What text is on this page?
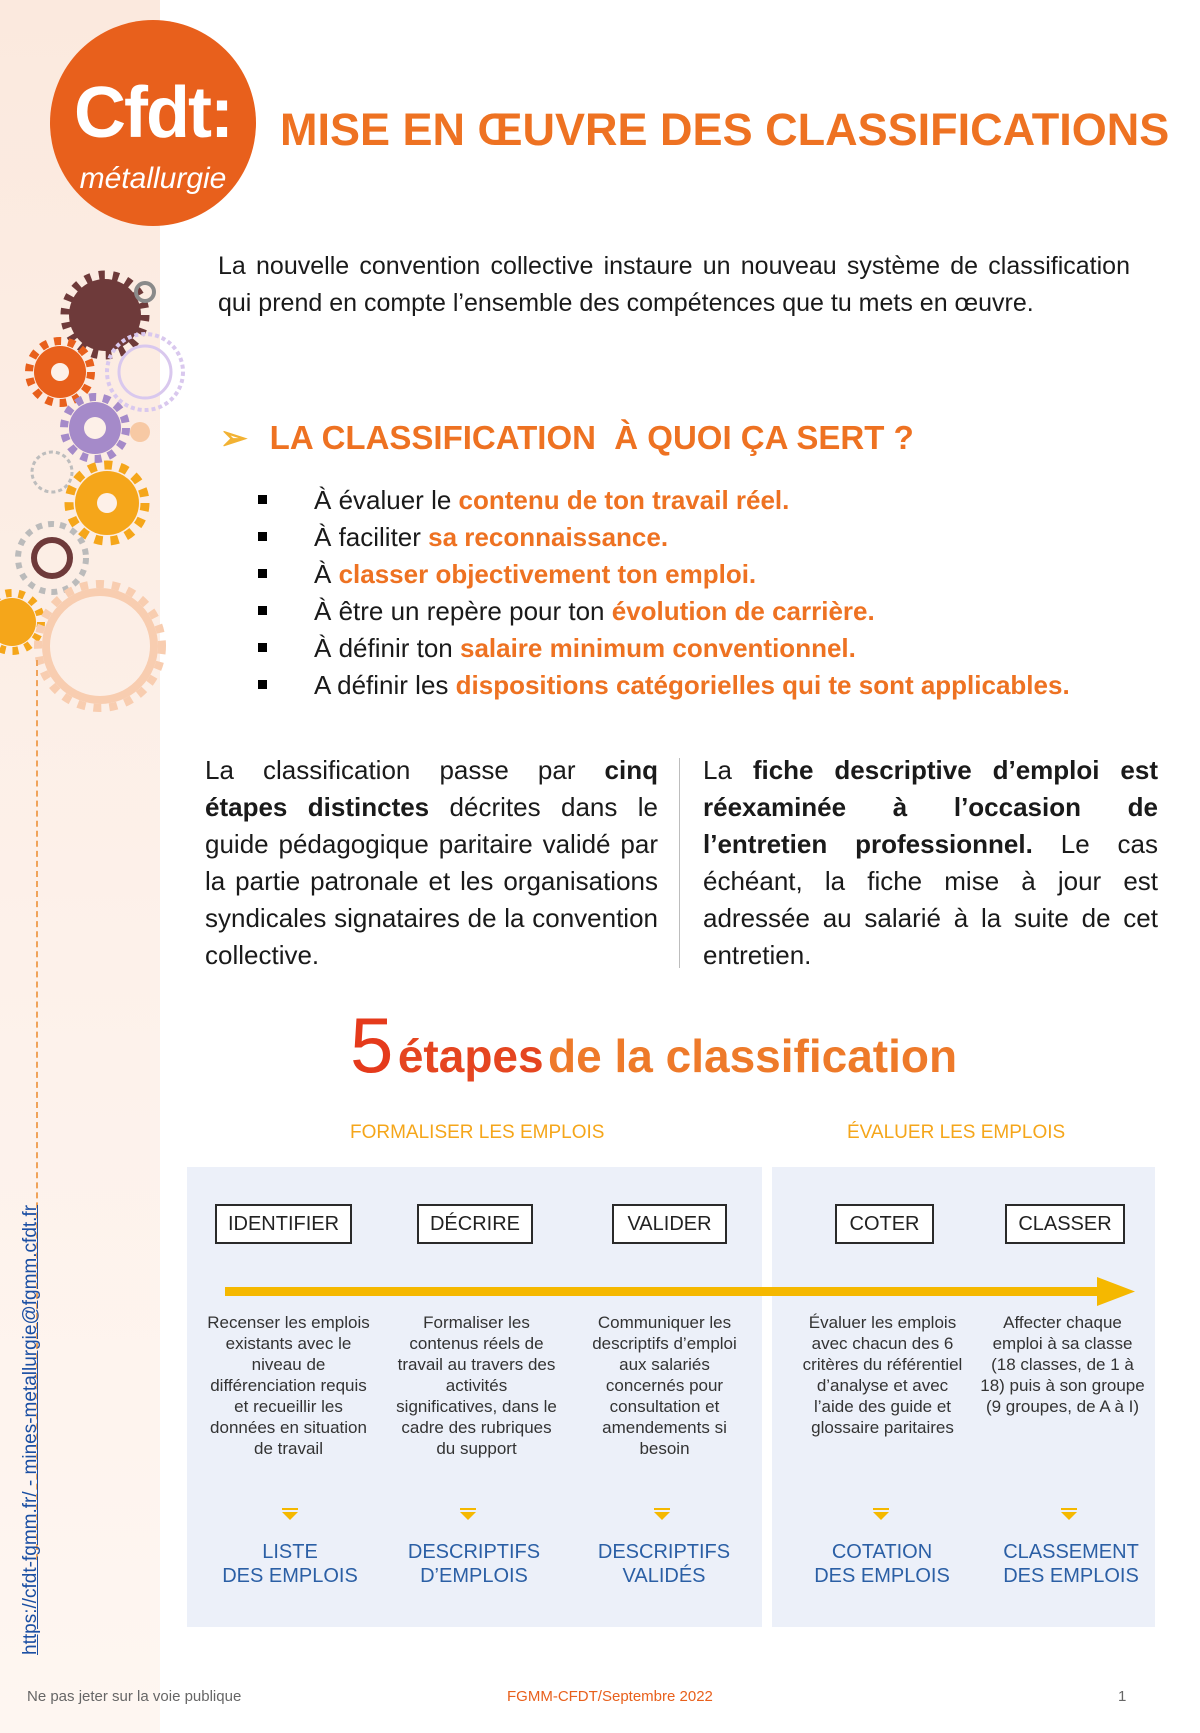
Cfdt:
métallurgie
MISE EN ŒUVRE DES CLASSIFICATIONS
La nouvelle convention collective instaure un nouveau système de classification qui prend en compte l’ensemble des compétences que tu mets en œuvre.
➢ LA CLASSIFICATION  À QUOI ÇA SERT ?
À évaluer le contenu de ton travail réel.
À faciliter sa reconnaissance.
À classer objectivement ton emploi.
À être un repère pour ton évolution de carrière.
À définir ton salaire minimum conventionnel.
A définir les dispositions catégorielles qui te sont applicables.
La classification passe par cinq étapes distinctes décrites dans le guide pédagogique paritaire validé par la partie patronale et les organisations syndicales signataires de la convention collective.
La fiche descriptive d’emploi est réexaminée à l’occasion de l’entretien professionnel. Le cas échéant, la fiche mise à jour est adressée au salarié à la suite de cet entretien.
5 étapes de la classification
FORMALISER LES EMPLOIS	ÉVALUER LES EMPLOIS
IDENTIFIER	DÉCRIRE	VALIDER	COTER	CLASSER
Recenser les emplois existants avec le niveau de différenciation requis et recueillir les données en situation de travail
Formaliser les contenus réels de travail au travers des activités significatives, dans le cadre des rubriques du support
Communiquer les descriptifs d’emploi aux salariés concernés pour consultation et amendements si besoin
Évaluer les emplois avec chacun des 6 critères du référentiel d’analyse et avec l’aide des guide et glossaire paritaires
Affecter chaque emploi à sa classe (18 classes, de 1 à 18) puis à son groupe (9 groupes, de A à I)
LISTE
DES EMPLOIS
DESCRIPTIFS
D’EMPLOIS
DESCRIPTIFS
VALIDÉS
COTATION
DES EMPLOIS
CLASSEMENT
DES EMPLOIS
https://cfdt-fgmm.fr/ - mines-metallurgie@fgmm.cfdt.fr
Ne pas jeter sur la voie publique	FGMM-CFDT/Septembre 2022	1
